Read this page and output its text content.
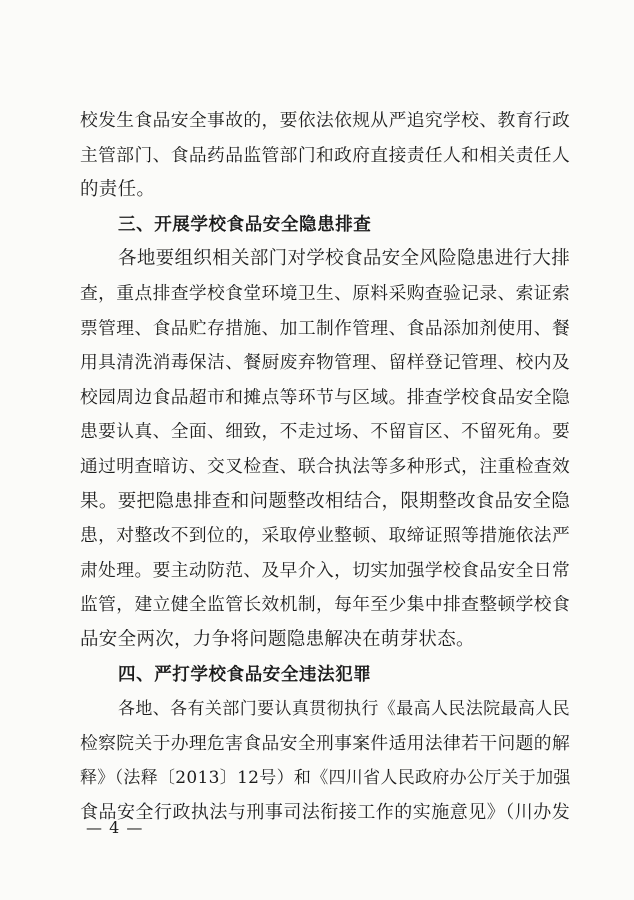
校发生食品安全事故的，要依法依规从严追究学校、教育行政
主管部门、食品药品监管部门和政府直接责任人和相关责任人
的责任。
三、开展学校食品安全隐患排查
各地要组织相关部门对学校食品安全风险隐患进行大排
查，重点排查学校食堂环境卫生、原料采购查验记录、索证索
票管理、食品贮存措施、加工制作管理、食品添加剂使用、餐
用具清洗消毒保洁、餐厨废弃物管理、留样登记管理、校内及
校园周边食品超市和摊点等环节与区域。排查学校食品安全隐
患要认真、全面、细致，不走过场、不留盲区、不留死角。要
通过明查暗访、交叉检查、联合执法等多种形式，注重检查效
果。要把隐患排查和问题整改相结合，限期整改食品安全隐
患，对整改不到位的，采取停业整顿、取缔证照等措施依法严
肃处理。要主动防范、及早介入，切实加强学校食品安全日常
监管，建立健全监管长效机制，每年至少集中排查整顿学校食
品安全两次，力争将问题隐患解决在萌芽状态。
四、严打学校食品安全违法犯罪
各地、各有关部门要认真贯彻执行《最高人民法院最高人民
检察院关于办理危害食品安全刑事案件适用法律若干问题的解
释》（法释〔2013〕12号）和《四川省人民政府办公厅关于加强
食品安全行政执法与刑事司法衔接工作的实施意见》（川办发
— 4 —
